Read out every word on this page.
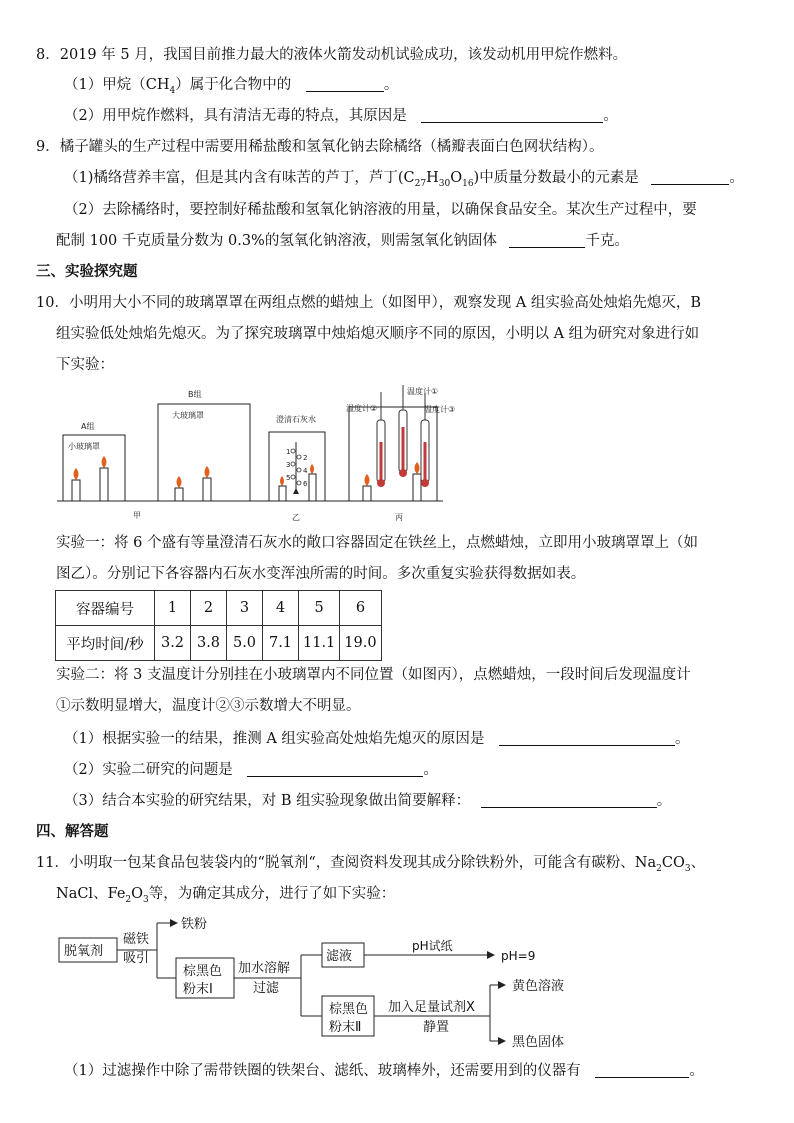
8．2019 年 5 月，我国目前推力最大的液体火箭发动机试验成功，该发动机用甲烷作燃料。
（1）甲烷$(CH_4)$属于化合物中的	。
（2）用甲烷作燃料，具有清洁无毒的特点，其原因是	。
9．橘子罐头的生产过程中需要用稀盐酸和氢氧化钠去除橘络（橘瓣表面白色网状结构）。
（1)橘络营养丰富，但是其内含有味苦的芦丁，芦丁$(C_{27}H_{30}O_{16})$中质量分数最小的元素是	。
（2）去除橘络时，要控制好稀盐酸和氢氧化钠溶液的用量，以确保食品安全。某次生产过程中，要
配制 100 千克质量分数为 0.3%的氢氧化钠溶液，则需氢氧化钠固体	千克。
三、实验探究题
10．小明用大小不同的玻璃罩罩在两组点燃的蜡烛上（如图甲），观察发现 A 组实验高处烛焰先熄灭，B
组实验低处烛焰先熄灭。为了探究玻璃罩中烛焰熄灭顺序不同的原因，小明以 A 组为研究对象进行如
下实验：
A组
小玻璃罩
B组
大玻璃罩	澄清石灰水
温度计①
温度计②	温度计③
甲	乙	丙
1
2
3
4
5
6
实验一：将 6 个盛有等量澄清石灰水的敞口容器固定在铁丝上，点燃蜡烛，立即用小玻璃罩罩上（如
图乙）。分别记下各容器内石灰水变浑浊所需的时间。多次重复实验获得数据如表。
容器编号	1	2	3	4	5	6
平均时间/秒	3.2	3.8	5.0	7.1	11.1	19.0
实验二：将 3 支温度计分别挂在小玻璃罩内不同位置（如图丙），点燃蜡烛，一段时间后发现温度计
①示数明显增大，温度计②③示数增大不明显。
（1）根据实验一的结果，推测 A 组实验高处烛焰先熄灭的原因是	。
（2）实验二研究的问题是	。
（3）结合本实验的研究结果，对 B 组实验现象做出简要解释：	。
四、解答题
11．小明取一包某食品包装袋内的“脱氧剂“，查阅资料发现其成分除铁粉外，可能含有碳粉、$Na_2CO_3$、
NaCl、$Fe_2O_3$等，为确定其成分，进行了如下实验：
脱氧剂
磁铁
吸引
铁粉
棕黑色
粉末Ⅰ
加水溶解
过滤
滤液
pH试纸
pH=9
棕黑色
粉末Ⅱ
加入足量试剂X
静置
黄色溶液
黑色固体
（1）过滤操作中除了需带铁圈的铁架台、滤纸、玻璃棒外，还需要用到的仪器有	。
